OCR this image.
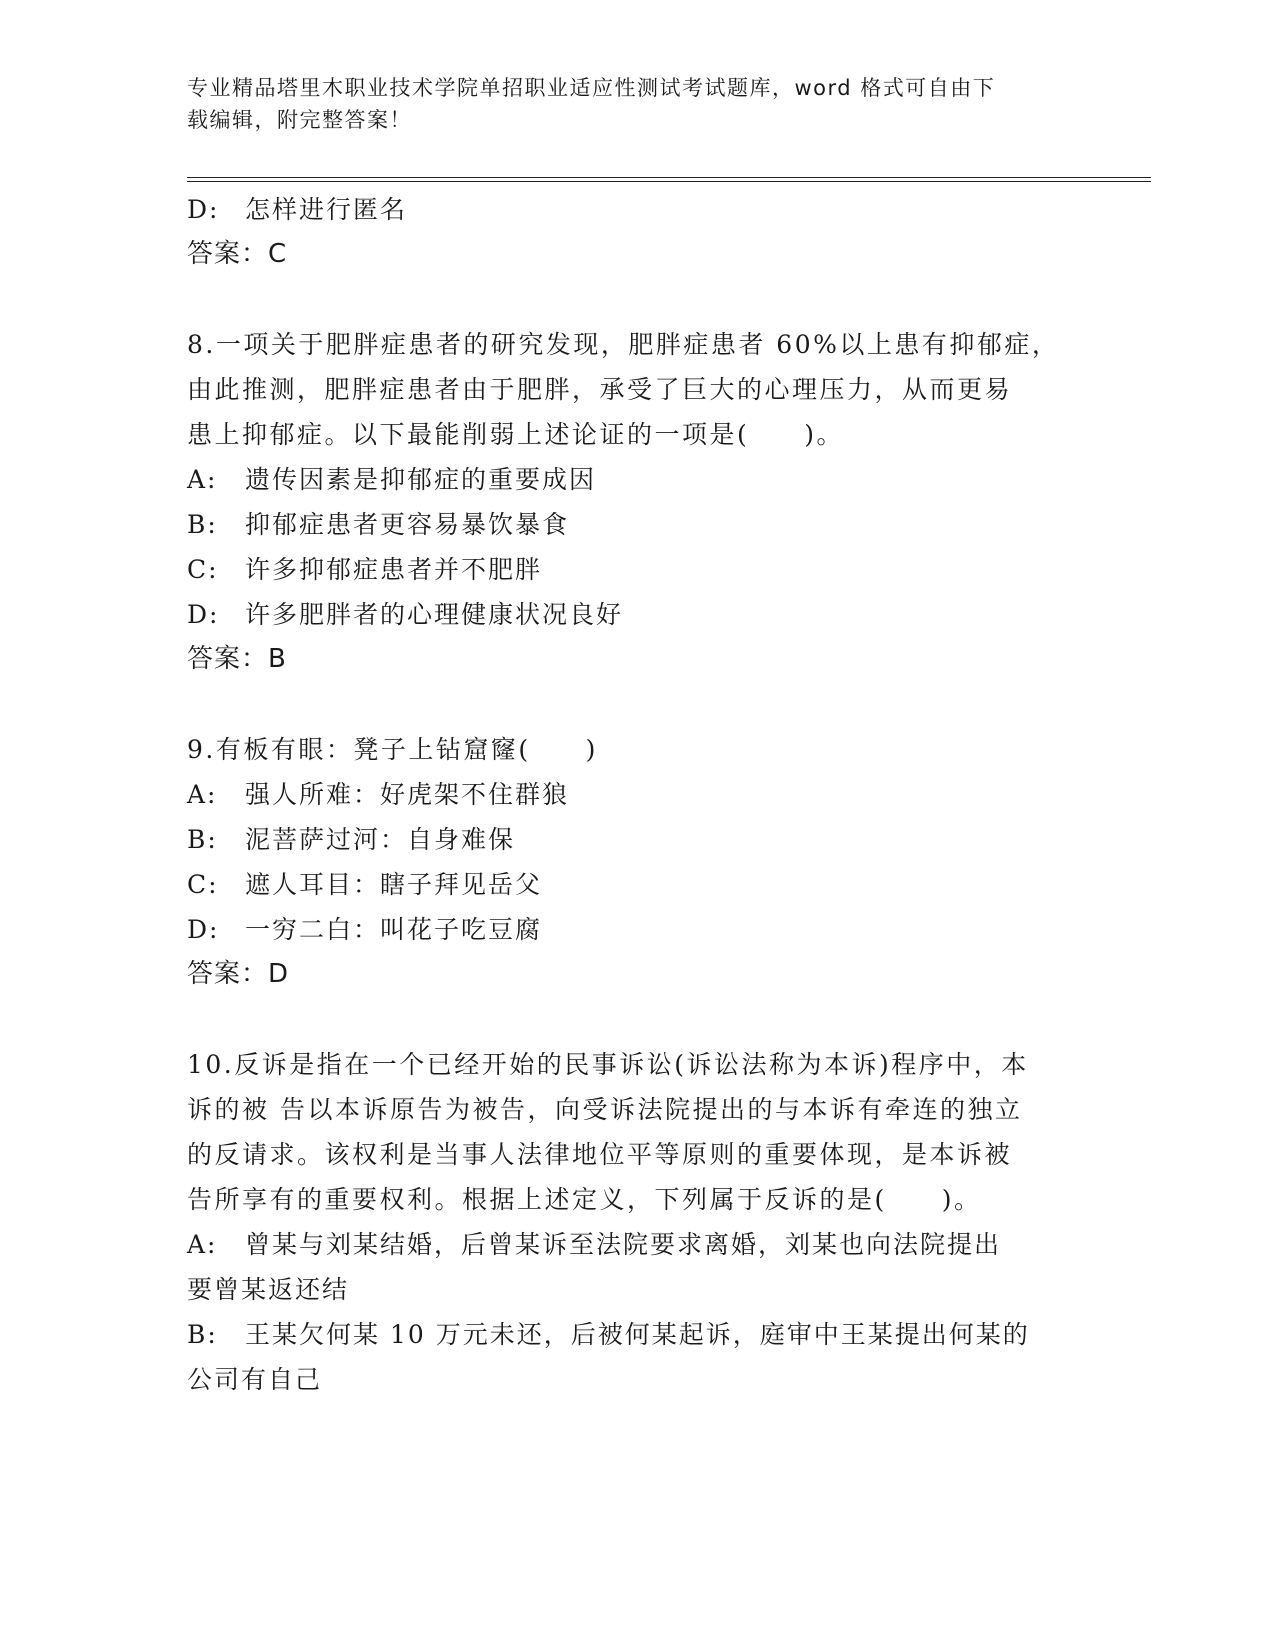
专业精品塔里木职业技术学院单招职业适应性测试考试题库，word 格式可自由下
载编辑，附完整答案！
D: 怎样进行匿名
答案：C
8.一项关于肥胖症患者的研究发现，肥胖症患者 60%以上患有抑郁症，
由此推测，肥胖症患者由于肥胖，承受了巨大的心理压力，从而更易
患上抑郁症。以下最能削弱上述论证的一项是(　　)。
A: 遗传因素是抑郁症的重要成因
B: 抑郁症患者更容易暴饮暴食
C: 许多抑郁症患者并不肥胖
D: 许多肥胖者的心理健康状况良好
答案：B
9.有板有眼：凳子上钻窟窿(　　)
A: 强人所难：好虎架不住群狼
B: 泥菩萨过河：自身难保
C: 遮人耳目：瞎子拜见岳父
D: 一穷二白：叫花子吃豆腐
答案：D
10.反诉是指在一个已经开始的民事诉讼(诉讼法称为本诉)程序中，本
诉的被 告以本诉原告为被告，向受诉法院提出的与本诉有牵连的独立
的反请求。该权利是当事人法律地位平等原则的重要体现，是本诉被
告所享有的重要权利。根据上述定义，下列属于反诉的是(　　)。
A: 曾某与刘某结婚，后曾某诉至法院要求离婚，刘某也向法院提出
要曾某返还结
B: 王某欠何某 10 万元未还，后被何某起诉，庭审中王某提出何某的
公司有自己
